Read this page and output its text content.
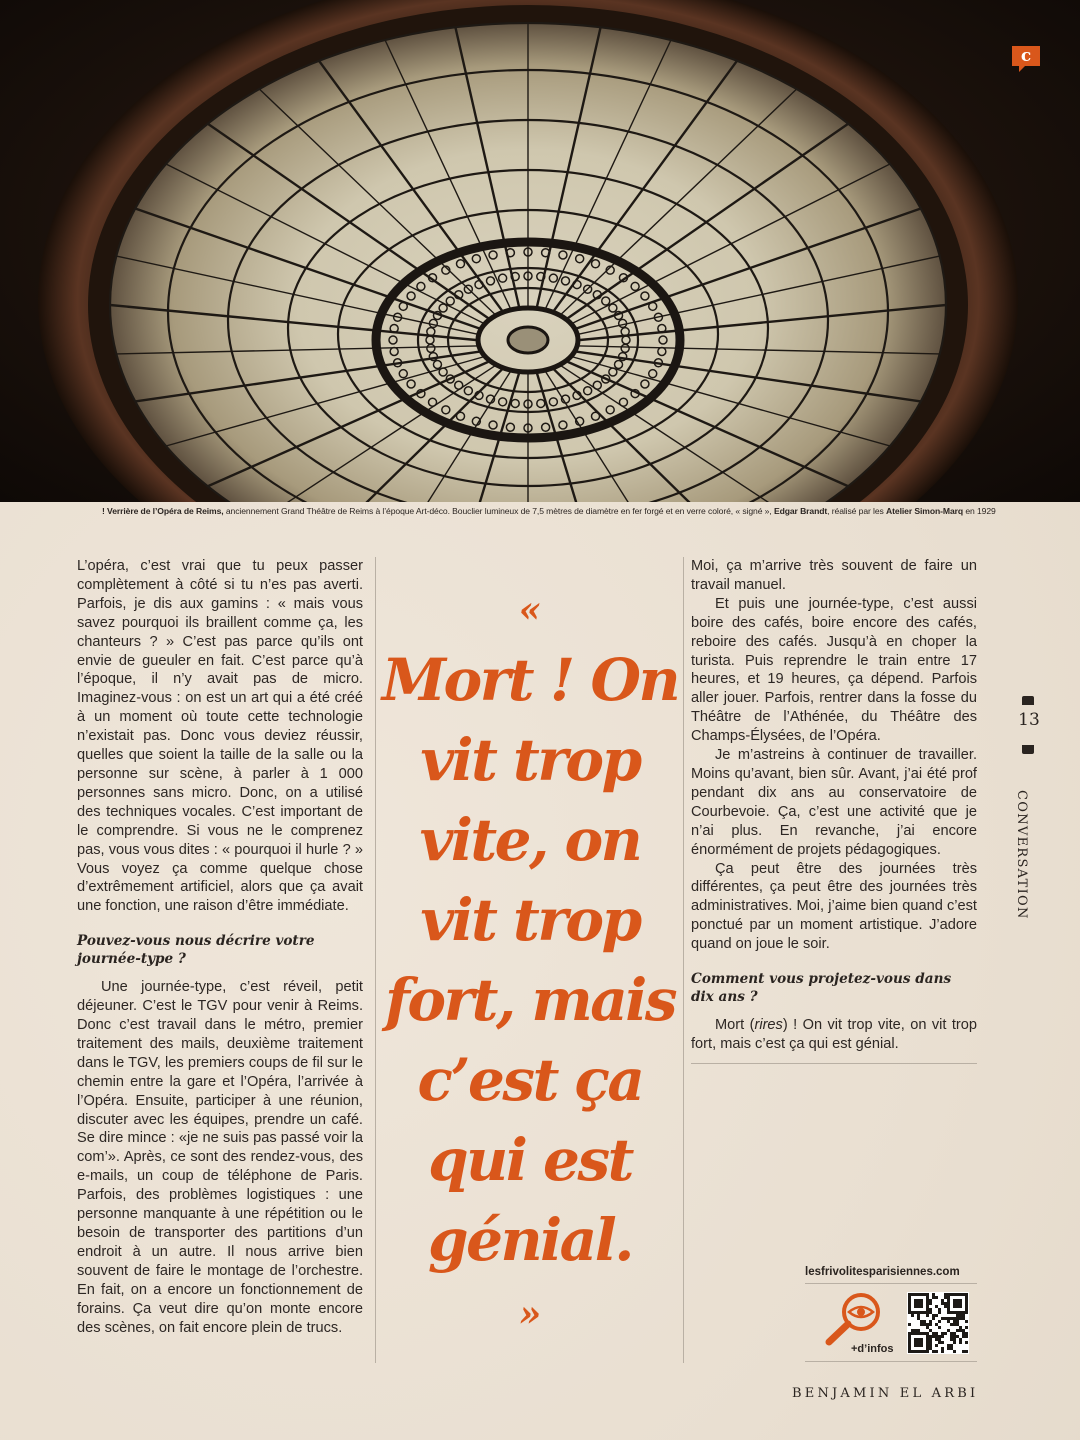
! Verrière de l’Opéra de Reims, anciennement Grand Théâtre de Reims à l’époque Art-déco. Bouclier lumineux de 7,5 mètres de diamètre en fer forgé et en verre coloré, « signé », Edgar Brandt, réalisé par les Atelier Simon-Marq en 1929

L’opéra, c’est vrai que tu peux passer complètement à côté si tu n’es pas averti. Parfois, je dis aux gamins : « mais vous savez pourquoi ils braillent comme ça, les chanteurs ? » C’est pas parce qu’ils ont envie de gueuler en fait. C’est parce qu’à l’époque, il n’y avait pas de micro. Imaginez-vous : on est un art qui a été créé à un moment où toute cette technologie n’existait pas. Donc vous deviez réussir, quelles que soient la taille de la salle ou la personne sur scène, à parler à 1 000 personnes sans micro. Donc, on a utilisé des techniques vocales. C’est important de le comprendre. Si vous ne le comprenez pas, vous vous dites : « pourquoi il hurle ? » Vous voyez ça comme quelque chose d’extrêmement artificiel, alors que ça avait une fonction, une raison d’être immédiate.

Pouvez-vous nous décrire votre journée-type ?

Une journée-type, c’est réveil, petit déjeuner. C’est le TGV pour venir à Reims. Donc c’est travail dans le métro, premier traitement des mails, deuxième traitement dans le TGV, les premiers coups de fil sur le chemin entre la gare et l’Opéra, l’arrivée à l’Opéra. Ensuite, participer à une réunion, discuter avec les équipes, prendre un café. Se dire mince : «je ne suis pas passé voir la com’». Après, ce sont des rendez-vous, des e-mails, un coup de téléphone de Paris. Parfois, des problèmes logistiques : une personne manquante à une répétition ou le besoin de transporter des partitions d’un endroit à un autre. Il nous arrive bien souvent de faire le montage de l’orchestre. En fait, on a encore un fonctionnement de forains. Ça veut dire qu’on monte encore des scènes, on fait encore plein de trucs.

«
Mort ! On vit trop vite, on vit trop fort, mais c’est ça qui est génial.
»

Moi, ça m’arrive très souvent de faire un travail manuel.

Et puis une journée-type, c’est aussi boire des cafés, boire encore des cafés, reboire des cafés. Jusqu’à en choper la turista. Puis reprendre le train entre 17 heures, et 19 heures, ça dépend. Parfois aller jouer. Parfois, rentrer dans la fosse du Théâtre de l’Athénée, du Théâtre des Champs-Élysées, de l’Opéra.

Je m’astreins à continuer de travailler. Moins qu’avant, bien sûr. Avant, j’ai été prof pendant dix ans au conservatoire de Courbevoie. Ça, c’est une activité que je n’ai plus. En revanche, j’ai encore énormément de projets pédagogiques.

Ça peut être des journées très différentes, ça peut être des journées très administratives. Moi, j’aime bien quand c’est ponctué par un moment artistique. J’adore quand on joue le soir.

Comment vous projetez-vous dans dix ans ?

Mort (rires) ! On vit trop vite, on vit trop fort, mais c’est ça qui est génial.

c
13
CONVERSATION
lesfrivolitesparisiennes.com
+d’infos
BENJAMIN EL ARBI
